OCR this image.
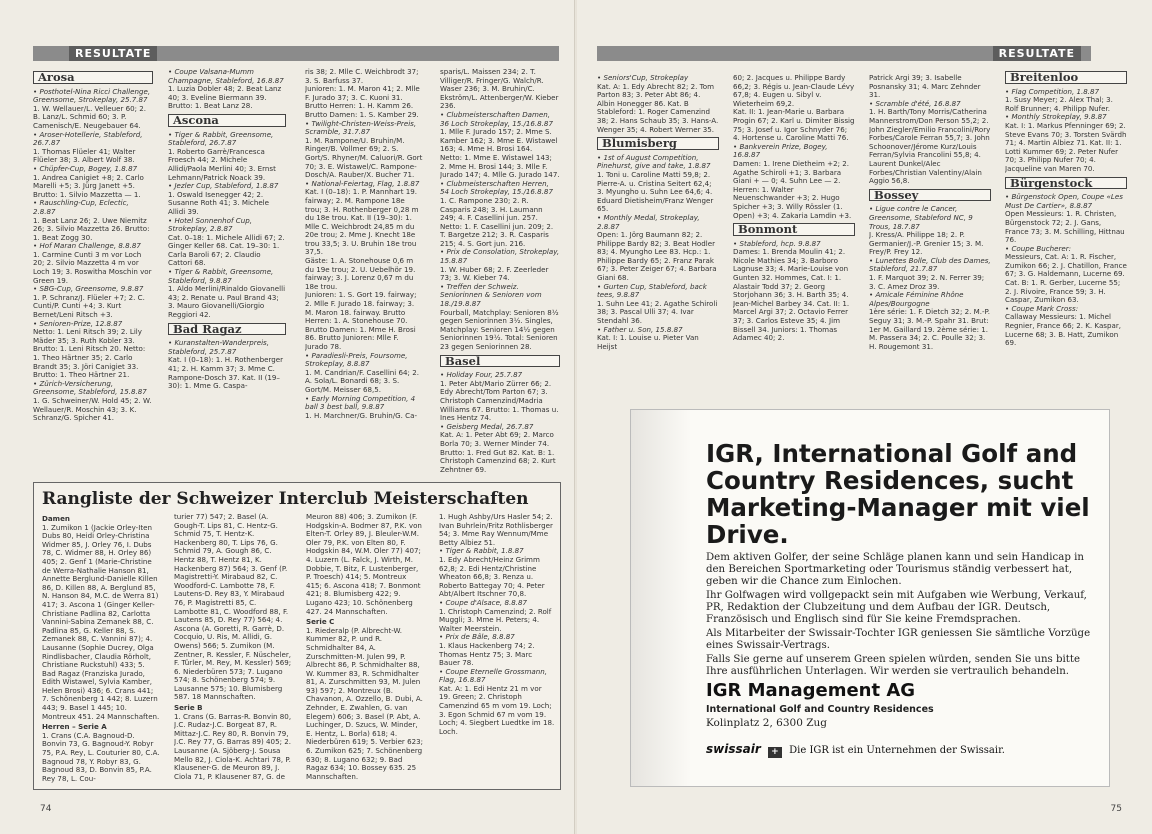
RESULTATE
Arosa

• Posthotel-Nina Ricci Challenge, Greensome, Strokeplay, 25.7.87

1. W. Wellauer/L. Velleuer 60; 2. B. Lanz/L. Schmid 60; 3. P. Camenisch/E. Neugebauer 64.

• Aroser-Hotellerie, Stableford, 26.7.87

1. Thomas Flüeler 41; Walter Flüeler 38; 3. Albert Wolf 38.

• Chüpfer-Cup, Bogey, 1.8.87

1. Andrea Canigiet +8; 2. Carlo Marelli +5; 3. Jürg Janett +5. Brutto: 1. Silvio Mazzetta — 1.

• Rauschling-Cup, Eclectic, 2.8.87

1. Beat Lanz 26; 2. Uwe Niemitz 26; 3. Silvio Mazzetta 26. Brutto: 1. Beat Zogg 30.

• Hof Maran Challenge, 8.8.87

1. Carmine Cunti 3 m vor Loch 20; 2. Silvio Mazzetta 4 m vor Loch 19; 3. Roswitha Moschin vor Green 19.

• SBG-Cup, Greensome, 9.8.87

1. P. Schranz/J. Flüeler +7; 2. C. Cunti/P. Cunti +4; 3. Kurt Bernet/Leni Ritsch +3.

• Senioren-Prize, 12.8.87

Netto: 1. Leni Ritsch 39; 2. Lily Mäder 35; 3. Ruth Kobler 33. Brutto: 1. Leni Ritsch 20. Netto: 1. Theo Härtner 35; 2. Carlo Brandt 35; 3. Jöri Canigiet 33. Brutto: 1. Theo Härtner 21.

• Zürich-Versicherung, Greensome, Stableford, 15.8.87

1. G. Schweiner/W. Hold 45; 2. W. Wellauer/R. Moschin 43; 3. K. Schranz/G. Spicher 41.

• Coupe Valsana-Mumm Champagne, Stableford, 16.8.87

1. Luzia Dobler 48; 2. Beat Lanz 40; 3. Eveline Biermann 39. Brutto: 1. Beat Lanz 28.

Ascona

• Tiger & Rabbit, Greensome, Stableford, 26.7.87

1. Roberto Garrè/Francesca Froesch 44; 2. Michele Allidi/Paola Merlini 40; 3. Ernst Lehmann/Patrick Noack 39.

• Jezler Cup, Stableford, 1.8.87

1. Oswald Isenegger 42; 2. Susanne Roth 41; 3. Michele Allidi 39.

• Hotel Sonnenhof Cup, Strokeplay, 2.8.87

Cat. 0–18: 1. Michele Allidi 67; 2. Ginger Keller 68. Cat. 19–30: 1. Carla Baroli 67; 2. Claudio Cattori 68.

• Tiger & Rabbit, Greensome, Stableford, 9.8.87

1. Aldo Merlini/Rinaldo Giovanelli 43; 2. Renate u. Paul Brand 43; 3. Mauro Giovanelli/Giorgio Reggiori 42.

Bad Ragaz

• Kuranstalten-Wanderpreis, Stableford, 25.7.87

Kat. I (0–18): 1. H. Rothenberger 41; 2. H. Kamm 37; 3. Mme C. Rampone-Dosch 37. Kat. II (19–30): 1. Mme G. Caspa-

ris 38; 2. Mlle C. Weichbrodt 37; 3. S. Barfuss 37.

Junioren: 1. M. Maron 41; 2. Mlle F. Jurado 37; 3. C. Kuoni 31. Brutto Herren: 1. H. Kamm 26. Brutto Damen: 1. S. Kamber 29.

• Twilight-Christen-Weiss-Preis, Scramble, 31.7.87

1. M. Rampone/U. Bruhin/M. Ringer/B. Vollmer 69; 2. S. Gort/S. Rhyner/M. Caluori/R. Gort 70; 3. E. Wistawel/C. Rampone-Dosch/A. Rauber/X. Bucher 71.

• National-Feiertag, Flag, 1.8.87

Kat. I (0–18): 1. P. Mannhart 19. fairway; 2. M. Rampone 18e trou; 3. H. Rothenberger 0,28 m du 18e trou. Kat. II (19–30): 1. Mlle C. Weichbrodt 24,85 m du 20e trou; 2. Mme J. Knecht 18e trou 33,5; 3. U. Bruhin 18e trou 37,5.

Gäste: 1. A. Stonehouse 0,6 m du 19e trou; 2. U. Uebelhör 19. fairway; 3. J. Lorenz 0,67 m du 18e trou.

Junioren: 1. S. Gort 19. fairway; 2. Mlle F. Jurado 18. fairway; 3. M. Maron 18. fairway. Brutto Herren: 1. A. Stonehouse 70. Brutto Damen: 1. Mme H. Brosi 86. Brutto Junioren: Mlle F. Jurado 78.

• Paradiesli-Preis, Foursome, Strokeplay, 8.8.87

1. M. Candrian/F. Casellini 64; 2. A. Sola/L. Bonardi 68; 3. S. Gort/M. Meisser 68,5.

• Early Morning Competition, 4 ball 3 best ball, 9.8.87

1. H. Marchner/G. Bruhin/G. Ca-

sparis/L. Maissen 234; 2. T. Villiger/R. Fringer/G. Walch/R. Waser 236; 3. M. Bruhin/C. Ekström/L. Attenberger/W. Kieber 236.

• Clubmeisterschaften Damen, 36 Loch Strokeplay, 15./16.8.87

1. Mlle F. Jurado 157; 2. Mme S. Kamber 162; 3. Mme E. Wistawel 163; 4. Mme H. Brosi 164.

Netto: 1. Mme E. Wistawel 143; 2. Mme H. Brosi 144; 3. Mlle F. Jurado 147; 4. Mlle G. Jurado 147.

• Clubmeisterschaften Herren, 54 Loch Strokeplay, 15./16.8.87

1. C. Rampone 230; 2. R. Casparis 248; 3. H. Laumann 249; 4. F. Casellini jun. 257.

Netto: 1. F. Casellini jun. 209; 2. T. Bargetze 212; 3. R. Casparis 215; 4. S. Gort jun. 216.

• Prix de Consolation, Strokeplay, 15.8.87

1. W. Huber 68; 2. F. Zeerleder 73; 3. W. Kieber 74.

• Treffen der Schweiz. Seniorinnen & Senioren vom 18./19.8.87

Fourball, Matchplay: Senioren 8½ gegen Seniorinnen 3½. Singles, Matchplay: Senioren 14½ gegen Seniorinnen 19½. Total: Senioren 23 gegen Seniorinnen 28.

Basel

• Holiday Four, 25.7.87

1. Peter Abt/Mario Zürrer 66; 2. Edy Abrecht/Tom Parton 67; 3. Christoph Camenzind/Madria Williams 67. Brutto: 1. Thomas u. Ines Hentz 74.

• Geisberg Medal, 26.7.87

Kat. A: 1. Peter Abt 69; 2. Marco Borla 70; 3. Werner Minder 74. Brutto: 1. Fred Gut 82. Kat. B: 1. Christoph Camenzind 68; 2. Kurt Zehntner 69.

Rangliste der Schweizer Interclub Meisterschaften

Damen

1. Zumikon 1 (Jackie Orley-Iten Dubs 80, Heidi Orley-Christina Widmer 85, J. Orley 76, I. Dubs 78, C. Widmer 88, H. Orley 86) 405; 2. Genf 1 (Marie-Christine de Werra-Nathalie Hanson 81, Annette Berglund-Danielle Killen 86, D. Killen 88, A. Berglund 85, N. Hanson 84, M.C. de Werra 81) 417; 3. Ascona 1 (Ginger Keller-Christiane Padlina 82, Carlotta Vannini-Sabina Zemanek 88, C. Padlina 85, G. Keller 88, S. Zemanek 88, C. Vannini 87); 4. Lausanne (Sophie Ducrey, Olga Rindlisbacher, Claudia Rörholt, Christiane Ruckstuhl) 433; 5. Bad Ragaz (Franziska Jurado, Edith Wistawel, Sylvia Kamber, Helen Brosi) 436; 6. Crans 441; 7. Schönenberg 1 442; 8. Luzern 443; 9. Basel 1 445; 10. Montreux 451. 24 Mannschaften.

Herren – Serie A

1. Crans (C.A. Bagnoud-D. Bonvin 73, G. Bagnoud-Y. Robyr 75, P.A. Rey, L. Couturier 80, C.A. Bagnoud 78, Y. Robyr 83, G. Bagnoud 83, D. Bonvin 85, P.A. Rey 78, L. Cou-

turier 77) 547; 2. Basel (A. Gough-T. Lips 81, C. Hentz-G. Schmid 75, T. Hentz-K. Hackenberg 80, T. Lips 76, G. Schmid 79, A. Gough 86, C. Hentz 88, T. Hentz 81, K. Hackenberg 87) 564; 3. Genf (P. Magistretti-Y. Mirabaud 82, C. Woodford-C. Lambotte 78, F. Lautens-D. Rey 83, Y. Mirabaud 76, P. Magistretti 85, C. Lambotte 81, C. Woodford 88, F. Lautens 85, D. Rey 77) 564; 4. Ascona (A. Goretti, R. Garrè, D. Cocquio, U. Ris, M. Allidi, G. Owens) 566; 5. Zumikon (M. Zentner, R. Kessler, F. Nüscheler, F. Türler, M. Rey, M. Kessler) 569; 6. Niederbüren 573; 7. Lugano 574; 8. Schönenberg 574; 9. Lausanne 575; 10. Blumisberg 587. 18 Mannschaften.

Serie B

1. Crans (G. Barras-R. Bonvin 80, J.C. Rudaz-J.C. Borgeat 87, R. Mittaz-J.C. Rey 80, R. Bonvin 79, J.C. Rey 77, G. Barras 89) 405; 2. Lausanne (A. Sjöberg-J. Sousa Mello 82, J. Ciola-K. Achtari 78, P. Klausener-G. de Meuron 89, J. Ciola 71, P. Klausener 87, G. de

Meuron 88) 406; 3. Zumikon (F. Hodgskin-A. Bodmer 87, P.K. von Elten-T. Orley 89, J. Bleuler-W.M. Oler 79, P.K. von Elten 80, F. Hodgskin 84, W.M. Oler 77) 407; 4. Luzern (L. Falck, J. Wirth, M. Dobbie, T. Bitz, F. Lustenberger, P. Troesch) 414; 5. Montreux 415; 6. Ascona 418; 7. Bonmont 421; 8. Blumisberg 422; 9. Lugano 423; 10. Schönenberg 427. 24 Mannschaften.

Serie C

1. Riederalp (P. Albrecht-W. Kummer 82, P. und R. Schmidhalter 84, A. Zurschmitten-M. Julen 99, P. Albrecht 86, P. Schmidhalter 88, W. Kummer 83, R. Schmidhalter 81, A. Zurschmitten 93, M. Julen 93) 597; 2. Montreux (B. Chavanon, A. Ozzello, B. Dubi, A. Zehnder, E. Zwahlen, G. van Elegem) 606; 3. Basel (P. Abt, A. Luchinger, D. Szucs, W. Minder, E. Hentz, L. Borla) 618; 4. Niederbüren 619; 5. Verbier 623; 6. Zumikon 625; 7. Schönenberg 630; 8. Lugano 632; 9. Bad Ragaz 634; 10. Bossey 635. 25 Mannschaften.

1. Hugh Ashby/Urs Hasler 54; 2. Ivan Buhrlein/Fritz Rothlisberger 54; 3. Mme Ray Wennum/Mme Betty Albiez 51.

• Tiger & Rabbit, 1.8.87

1. Edy Abrecht/Heinz Grimm 62,8; 2. Edi Hentz/Christine Wheaton 66,8; 3. Renza u. Roberto Battegay 70; 4. Peter Abt/Albert Itschner 70,8.

• Coupe d'Alsace, 8.8.87

1. Christoph Camenzind; 2. Rolf Muggli; 3. Mme H. Peters; 4. Walter Meerstein.

• Prix de Bâle, 8.8.87

1. Klaus Hackenberg 74; 2. Thomas Hentz 75; 3. Marc Bauer 78.

• Coupe Eternelle Grossmann, Flag, 16.8.87

Kat. A: 1. Edi Hentz 21 m vor 19. Green; 2. Christoph Camenzind 65 m vom 19. Loch; 3. Egon Schmid 67 m vom 19. Loch; 4. Siegbert Luedtke im 18. Loch.

74
RESULTATE

• Seniors'Cup, Strokeplay

Kat. A: 1. Edy Abrecht 82; 2. Tom Parton 83; 3. Peter Abt 86; 4. Albin Honegger 86. Kat. B Stableford: 1. Roger Camenzind 38; 2. Hans Schaub 35; 3. Hans-A. Wenger 35; 4. Robert Werner 35.

Blumisberg

• 1st of August Competition, Pinehurst, give and take, 1.8.87

1. Toni u. Caroline Matti 59,8; 2. Pierre-A. u. Cristina Seitert 62,4; 3. Myungho u. Suhn Lee 64,6; 4. Eduard Dietisheim/Franz Wenger 65.

• Monthly Medal, Strokeplay, 2.8.87

Open: 1. Jörg Baumann 82; 2. Philippe Bardy 82; 3. Beat Hodler 83; 4. Myungho Lee 83. Hcp.: 1. Philippe Bardy 65; 2. Franz Parak 67; 3. Peter Zeiger 67; 4. Barbara Giani 68.

• Gurten Cup, Stableford, back tees, 9.8.87

1. Suhn Lee 41; 2. Agathe Schiroli 38; 3. Pascal Ulli 37; 4. Ivar Stendahl 36.

• Father u. Son, 15.8.87

Kat. I: 1. Louise u. Pieter Van Heijst

60; 2. Jacques u. Philippe Bardy 66,2; 3. Régis u. Jean-Claude Lévy 67,8; 4. Eugen u. Sibyl v. Wieterheim 69,2.

Kat. II: 1. Jean-Marie u. Barbara Progin 67; 2. Karl u. Dimiter Bissig 75; 3. Josef u. Igor Schnyder 76; 4. Hortense u. Caroline Matti 76.

• Bankverein Prize, Bogey, 16.8.87

Damen: 1. Irene Dietheim +2; 2. Agathe Schiroli +1; 3. Barbara Giani + — 0; 4. Suhn Lee — 2. Herren: 1. Walter Neuenschwander +3; 2. Hugo Spicher +3; 3. Willy Rössler (1. Open) +3; 4. Zakaria Lamdin +3.

Bonmont

• Stableford, hcp. 9.8.87

Dames: 1. Brenda Moulin 41; 2. Nicole Mathies 34; 3. Barboro Lagnuse 33; 4. Marie-Louise von Gunten 32. Hommes, Cat. I: 1. Alastair Todd 37; 2. Georg Storjohann 36; 3. H. Barth 35; 4. Jean-Michel Barbey 34. Cat. II: 1. Marcel Argi 37; 2. Octavio Ferrer 37; 3. Carlos Esteve 35; 4. Jim Bissell 34. Juniors: 1. Thomas Adamec 40; 2.

Patrick Argi 39; 3. Isabelle Posnansky 31; 4. Marc Zehnder 31.

• Scramble d'été, 16.8.87

1. H. Barth/Tony Morris/Catherina Mannerstrom/Don Person 55,2; 2. John Ziegler/Emilio Francolini/Rory Forbes/Carole Ferran 55,7; 3. John Schoonover/Jérome Kurz/Louis Ferran/Sylvia Francolini 55,8; 4. Laurent Dunkel/Alec Forbes/Christian Valentiny/Alain Aggio 56,8.

Bossey

• Ligue contre le Cancer, Greensome, Stableford NC, 9 Trous, 18.7.87

J. Kress/A. Philippe 18; 2. P. Germanier/J.-P. Grenier 15; 3. M. Frey/P. Frey 12.

• Lunettes Bolle, Club des Dames, Stableford, 21.7.87

1. F. Marquot 39; 2. N. Ferrer 39; 3. C. Amez Droz 39.

• Amicale Féminine Rhône Alpes/Bourgogne

1ère série: 1. F. Dietch 32; 2. M.-P. Seguy 31; 3. M.-P. Spahr 31. Brut: 1er M. Gaillard 19. 2ème série: 1. M. Passera 34; 2. C. Poulle 32; 3. H. Rougemont 31.

Breitenloo

• Flag Competition, 1.8.87

1. Susy Meyer; 2. Alex Thal; 3. Rolf Brunner; 4. Philipp Nufer.

• Monthly Strokeplay, 9.8.87

Kat. I: 1. Markus Pfenninger 69; 2. Steve Evans 70; 3. Torsten Svärdh 71; 4. Martin Albiez 71. Kat. II: 1. Lotti Kummer 69; 2. Peter Nufer 70; 3. Philipp Nufer 70; 4. Jacqueline van Maren 70.

Bürgenstock

• Bürgenstock Open, Coupe «Les Must De Cartier», 8.8.87

Open Messieurs: 1. R. Christen, Bürgenstock 72; 2. J. Gans, France 73; 3. M. Schilling, Hittnau 76.

• Coupe Bucherer:

Messieurs, Cat. A: 1. R. Fischer, Zumikon 66; 2. J. Chatillon, France 67; 3. G. Haldemann, Lucerne 69. Cat. B: 1. R. Gerber, Lucerne 55; 2. J. Rivoire, France 59; 3. H. Caspar, Zumikon 63.

• Coupe Mark Cross:

Callaway Messieurs: 1. Michel Regnier, France 66; 2. K. Kaspar, Lucerne 68; 3. B. Hatt, Zumikon 69.

IGR, International Golf and Country Residences, sucht Marketing-Manager mit viel Drive.

Dem aktiven Golfer, der seine Schläge planen kann und sein Handicap in den Bereichen Sportmarketing oder Tourismus ständig verbessert hat, geben wir die Chance zum Einlochen.

Ihr Golfwagen wird vollgepackt sein mit Aufgaben wie Werbung, Verkauf, PR, Redaktion der Clubzeitung und dem Aufbau der IGR. Deutsch, Französisch und Englisch sind für Sie keine Fremdsprachen.

Als Mitarbeiter der Swissair-Tochter IGR geniessen Sie sämtliche Vorzüge eines Swissair-Vertrags.

Falls Sie gerne auf unserem Green spielen würden, senden Sie uns bitte Ihre ausführlichen Unterlagen. Wir werden sie vertraulich behandeln.

IGR Management AG
International Golf and Country Residences
Kolinplatz 2, 6300 Zug
swissair + Die IGR ist ein Unternehmen der Swissair.
75
